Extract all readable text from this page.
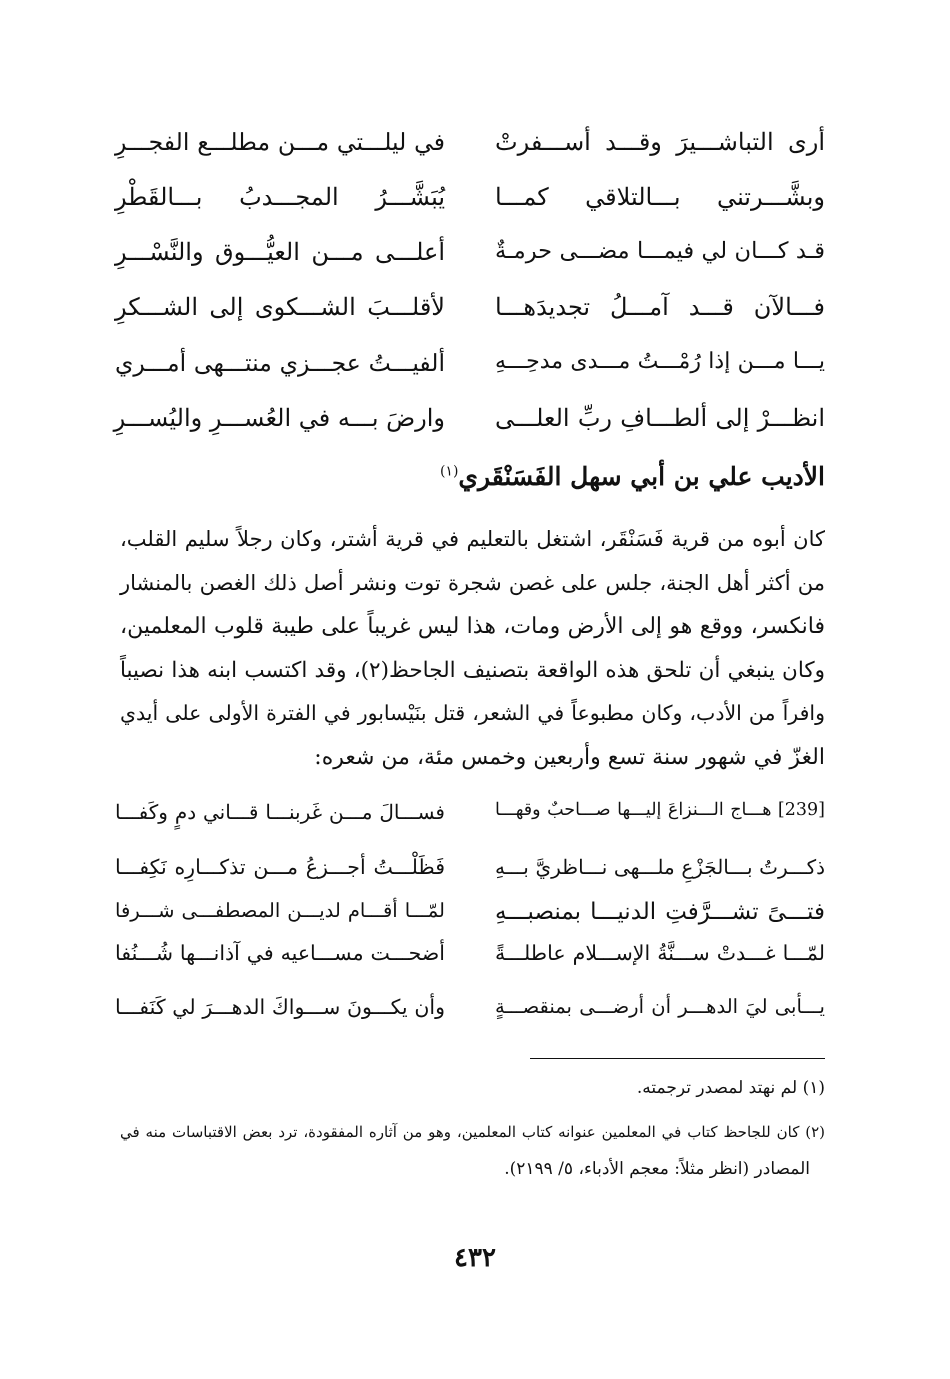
أرى التباشـــيرَ وقـــد أســـفرتْ
في ليلـــتي مـــن مطلـــع الفجـــرِ
وبشَّـــرتني بـــالتلاقي كمـــا
يُبَشَّـــرُ المجـــدبُ بـــالقَطْرِ
قـد كـــان لي فيمـــا مضـــى حرمـةٌ
أعلـــى مـــن العيُّـــوق والنَّسْـــرِ
فـــالآن قـــد آمـــلُ تجديدَهـــا
لأقلـــبَ الشـــكوى إلى الشـــكرِ
يـــا مـــن إذا رُمْـــتُ مـــدى مدحِـــهِ
ألفيـــتُ عجـــزي منتـــهى أمـــري
انظـــرْ إلى ألطـــافِ ربِّ العلـــى
وارضَ بـــه في العُســـرِ واليُســـرِ
الأديب علي بن أبي سهل الفَسَنْقَري$^{(١)}$
كان أبوه من قرية فَسَنْقَر، اشتغل بالتعليم في قرية أشتر، وكان رجلاً سليم القلب،
من أكثر أهل الجنة، جلس على غصن شجرة توت ونشر أصل ذلك الغصن بالمنشار
فانكسر، ووقع هو إلى الأرض ومات، هذا ليس غريباً على طيبة قلوب المعلمين،
وكان ينبغي أن تلحق هذه الواقعة بتصنيف الجاحظ(٢)، وقد اكتسب ابنه هذا نصيباً
وافراً من الأدب، وكان مطبوعاً في الشعر، قتل بنَيْسابور في الفترة الأولى على أيدي
الغزّ في شهور سنة تسع وأربعين وخمس مئة، من شعره:
[239] هـــاج الـــنزاعَ إليـــها صـــاحبٌ وقهـــا
فســـالَ مـــن غَربنـــا قـــاني دمٍ وكَفـــا
ذكـــرتُ بـــالجَزْعِ ملـــهى نـــاظريَّ بـــهِ
فَظَلْـــتُ أجـــزعُ مـــن تذكـــارِه نَكِفـــا
فتـــىً تشـــرَّفتِ الدنيـــا بمنصبـــهِ
لمّـــا أقـــام لديـــن المصطفـــى شـــرفا
لمّـــا غـــدتْ ســـنَّةُ الإســـلام عاطلـــةً
أضحـــت مســـاعيه في آذانـــها شُـــنُفا
يـــأبى ليَ الدهـــر أن أرضـــى بمنقصـــةٍ
وأن يكـــونَ ســـواكَ الدهـــرَ لي كَنَفـــا
(١) لم نهتد لمصدر ترجمته.
(٢) كان للجاحظ كتاب في المعلمين عنوانه كتاب المعلمين، وهو من آثاره المفقودة، ترد بعض الاقتباسات منه في
المصادر (انظر مثلاً: معجم الأدباء، ٥/ ٢١٩٩).
٤٣٢
